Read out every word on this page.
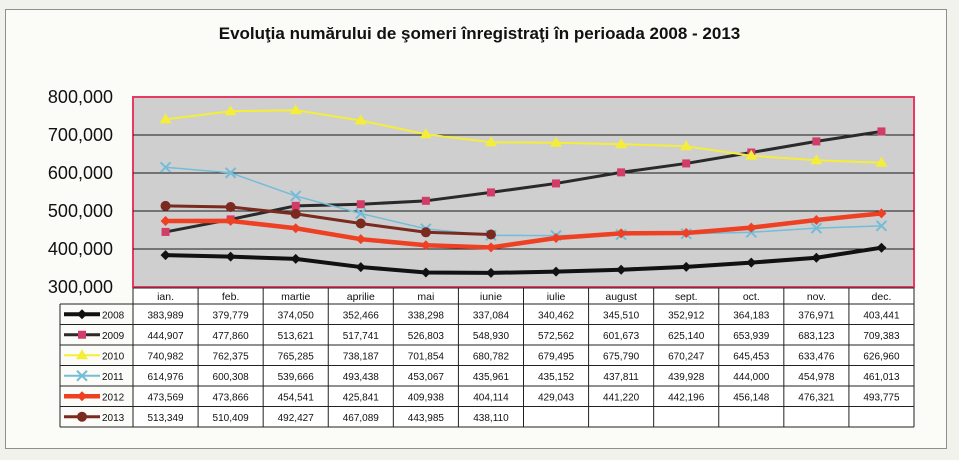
Evoluţia numărului de şomeri înregistraţi în perioada 2008 - 2013
300,000
400,000
500,000
600,000
700,000
800,000
ian.	feb.	martie	aprilie	mai	iunie	iulie	august	sept.	oct.	nov.	dec.
2008 383,989	379,779	374,050	352,466	338,298	337,084	340,462	345,510	352,912	364,183	376,971	403,441
2009 444,907	477,860	513,621	517,741	526,803	548,930	572,562	601,673	625,140	653,939	683,123	709,383
2010 740,982	762,375	765,285	738,187	701,854	680,782	679,495	675,790	670,247	645,453	633,476	626,960
2011 614,976	600,308	539,666	493,438	453,067	435,961	435,152	437,811	439,928	444,000	454,978	461,013
2012 473,569	473,866	454,541	425,841	409,938	404,114	429,043	441,220	442,196	456,148	476,321	493,775
2013 513,349	510,409	492,427	467,089	443,985	438,110
